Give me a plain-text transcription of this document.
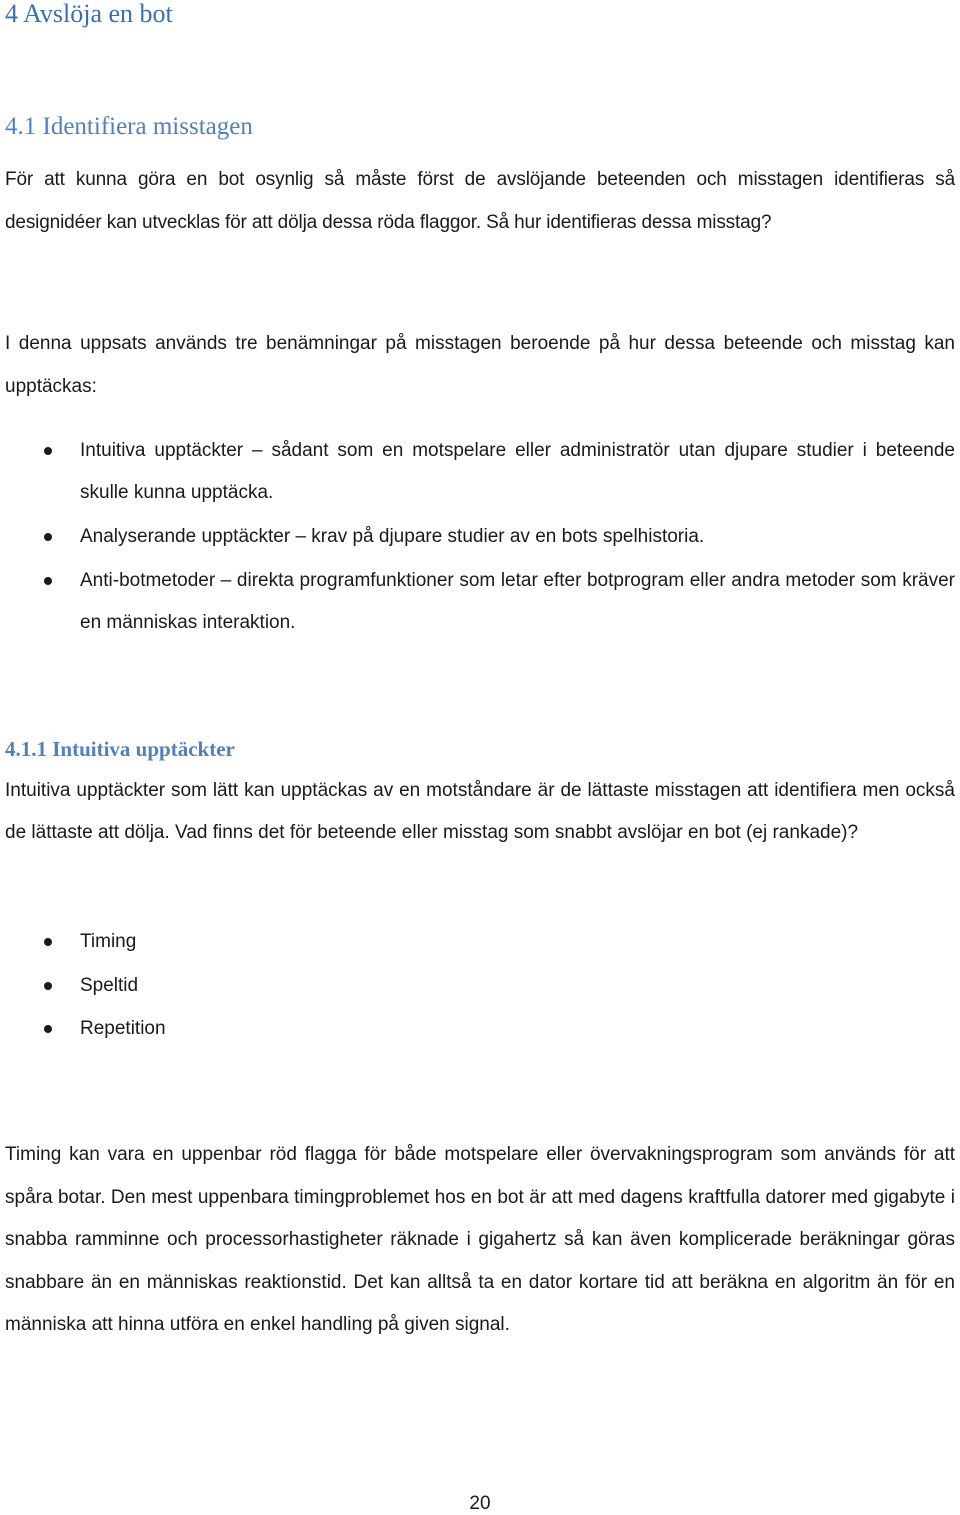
4 Avslöja en bot
4.1 Identifiera misstagen

För att kunna göra en bot osynlig så måste först de avslöjande beteenden och misstagen identifieras så designidéer kan utvecklas för att dölja dessa röda flaggor. Så hur identifieras dessa misstag?

I denna uppsats används tre benämningar på misstagen beroende på hur dessa beteende och misstag kan upptäckas:

Intuitiva upptäckter – sådant som en motspelare eller administratör utan djupare studier i beteende skulle kunna upptäcka.
Analyserande upptäckter – krav på djupare studier av en bots spelhistoria.
Anti-botmetoder – direkta programfunktioner som letar efter botprogram eller andra metoder som kräver en människas interaktion.
4.1.1 Intuitiva upptäckter

Intuitiva upptäckter som lätt kan upptäckas av en motståndare är de lättaste misstagen att identifiera men också de lättaste att dölja. Vad finns det för beteende eller misstag som snabbt avslöjar en bot (ej rankade)?

Timing
Speltid
Repetition

Timing kan vara en uppenbar röd flagga för både motspelare eller övervakningsprogram som används för att spåra botar. Den mest uppenbara timingproblemet hos en bot är att med dagens kraftfulla datorer med gigabyte i snabba ramminne och processorhastigheter räknade i gigahertz så kan även komplicerade beräkningar göras snabbare än en människas reaktionstid. Det kan alltså ta en dator kortare tid att beräkna en algoritm än för en människa att hinna utföra en enkel handling på given signal.

20
